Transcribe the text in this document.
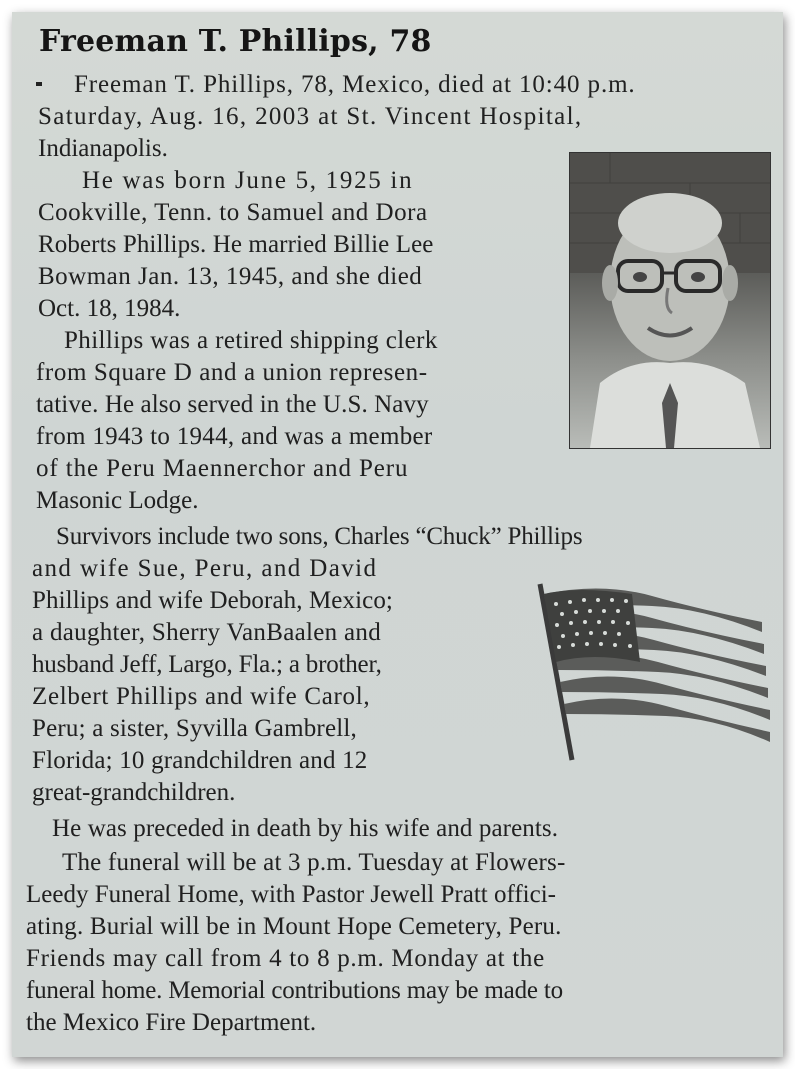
Freeman T. Phillips, 78
Freeman T. Phillips, 78, Mexico, died at 10:40 p.m.
Saturday, Aug. 16, 2003 at St. Vincent Hospital,
Indianapolis.
He was born June 5, 1925 in
Cookville, Tenn. to Samuel and Dora
Roberts Phillips. He married Billie Lee
Bowman Jan. 13, 1945, and she died
Oct. 18, 1984.
Phillips was a retired shipping clerk
from Square D and a union represen-
tative. He also served in the U.S. Navy
from 1943 to 1944, and was a member
of the Peru Maennerchor and Peru
Masonic Lodge.
Survivors include two sons, Charles “Chuck” Phillips
and wife Sue, Peru, and David
Phillips and wife Deborah, Mexico;
a daughter, Sherry VanBaalen and
husband Jeff, Largo, Fla.; a brother,
Zelbert Phillips and wife Carol,
Peru; a sister, Syvilla Gambrell,
Florida; 10 grandchildren and 12
great-grandchildren.
He was preceded in death by his wife and parents.
The funeral will be at 3 p.m. Tuesday at Flowers-
Leedy Funeral Home, with Pastor Jewell Pratt offici-
ating. Burial will be in Mount Hope Cemetery, Peru.
Friends may call from 4 to 8 p.m. Monday at the
funeral home. Memorial contributions may be made to
the Mexico Fire Department.
